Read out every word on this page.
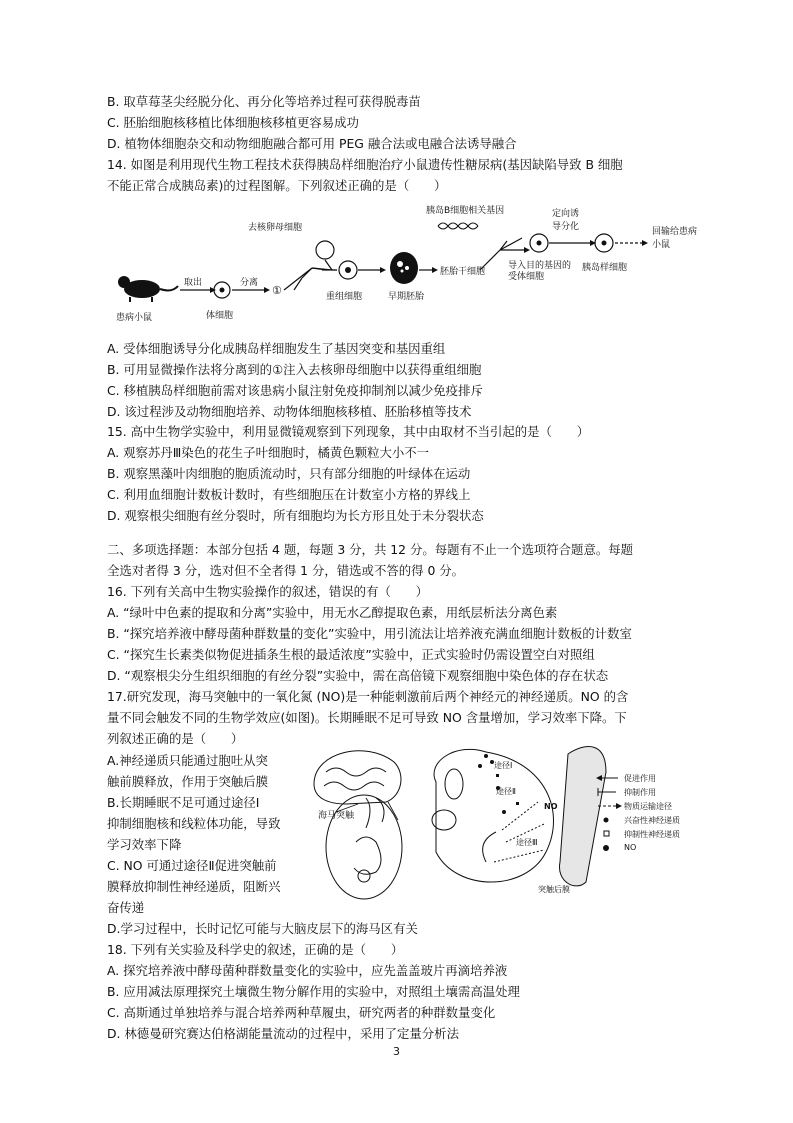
B. 取草莓茎尖经脱分化、再分化等培养过程可获得脱毒苗
C. 胚胎细胞核移植比体细胞核移植更容易成功
D. 植物体细胞杂交和动物细胞融合都可用 PEG 融合法或电融合法诱导融合
14. 如图是利用现代生物工程技术获得胰岛样细胞治疗小鼠遗传性糖尿病(基因缺陷导致 B 细胞
不能正常合成胰岛素)的过程图解。下列叙述正确的是（　　）
患病小鼠
取出
体细胞
分离
①
去核卵母细胞
重组细胞	早期胚胎
胰岛B细胞相关基因
胚胎干细胞
导入目的基因的受体细胞
定向诱导分化
胰岛样细胞
回输给患病小鼠
A. 受体细胞诱导分化成胰岛样细胞发生了基因突变和基因重组
B. 可用显微操作法将分离到的①注入去核卵母细胞中以获得重组细胞
C. 移植胰岛样细胞前需对该患病小鼠注射免疫抑制剂以减少免疫排斥
D. 该过程涉及动物细胞培养、动物体细胞核移植、胚胎移植等技术
15. 高中生物学实验中，利用显微镜观察到下列现象，其中由取材不当引起的是（　　）
A. 观察苏丹Ⅲ染色的花生子叶细胞时，橘黄色颗粒大小不一
B. 观察黑藻叶肉细胞的胞质流动时，只有部分细胞的叶绿体在运动
C. 利用血细胞计数板计数时，有些细胞压在计数室小方格的界线上
D. 观察根尖细胞有丝分裂时，所有细胞均为长方形且处于未分裂状态
二、多项选择题：本部分包括 4 题，每题 3 分，共 12 分。每题有不止一个选项符合题意。每题
全选对者得 3 分，选对但不全者得 1 分，错选或不答的得 0 分。
16. 下列有关高中生物实验操作的叙述，错误的有（　　）
A. “绿叶中色素的提取和分离”实验中，用无水乙醇提取色素，用纸层析法分离色素
B. “探究培养液中酵母菌种群数量的变化”实验中，用引流法让培养液充满血细胞计数板的计数室
C. “探究生长素类似物促进插条生根的最适浓度”实验中，正式实验时仍需设置空白对照组
D. “观察根尖分生组织细胞的有丝分裂”实验中，需在高倍镜下观察细胞中染色体的存在状态
17.研究发现，海马突触中的一氧化氮 (NO)是一种能刺激前后两个神经元的神经递质。NO 的含
量不同会触发不同的生物学效应(如图)。长期睡眠不足可导致 NO 含量增加，学习效率下降。下
列叙述正确的是（　　）
A.神经递质只能通过胞吐从突
触前膜释放，作用于突触后膜
B.长期睡眠不足可通过途径Ⅰ
抑制细胞核和线粒体功能，导致
学习效率下降
C. NO 可通过途径Ⅱ促进突触前
膜释放抑制性神经递质，阻断兴
奋传递
海马突触
途径Ⅰ
途径Ⅱ
NO
途径Ⅲ
突触后膜
促进作用
抑制作用
物质运输途径
兴奋性神经递质
抑制性神经递质
NO
D.学习过程中，长时记忆可能与大脑皮层下的海马区有关
18. 下列有关实验及科学史的叙述，正确的是（　　）
A. 探究培养液中酵母菌种群数量变化的实验中，应先盖盖玻片再滴培养液
B. 应用减法原理探究土壤微生物分解作用的实验中，对照组土壤需高温处理
C. 高斯通过单独培养与混合培养两种草履虫，研究两者的种群数量变化
D. 林德曼研究赛达伯格湖能量流动的过程中，采用了定量分析法
3
